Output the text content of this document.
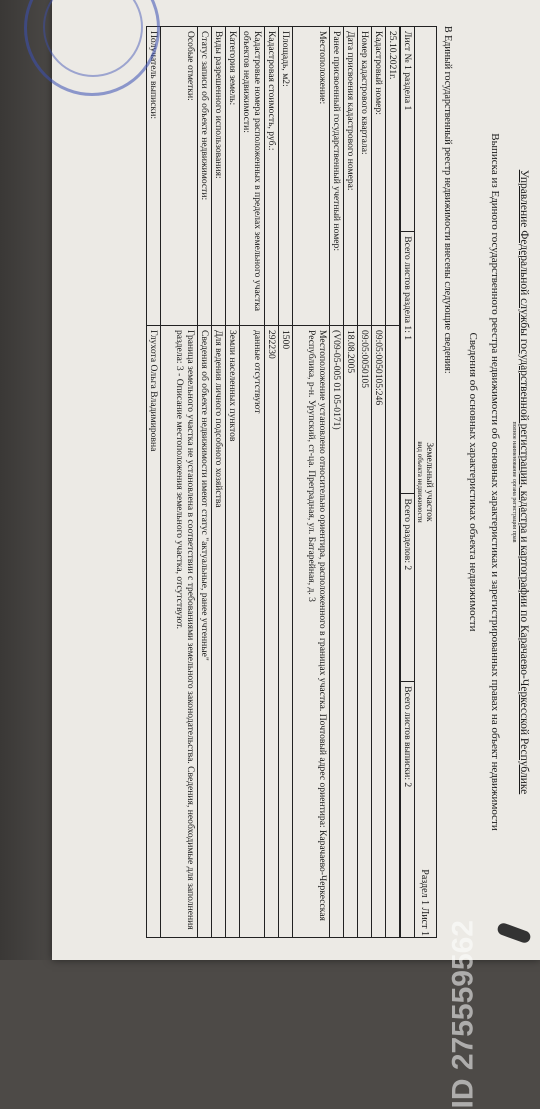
Управление Федеральной службы государственной регистрации, кадастра и картографии по Карачаево-Черкесской Республике
полное наименование органа регистрации прав
Выписка из Единого государственного реестра недвижимости об основных характеристиках и зарегистрированных правах на объект недвижимости
Сведения об основных характеристиках объекта недвижимости
Раздел 1 Лист 1
В Единый государственный реестр недвижимости внесены следующие сведения:
Земельный участок
вид объекта недвижимости

Лист № 1 раздела 1	Всего листов раздела 1: 1	Всего разделов: 2	Всего листов выписки: 2
25.10.2021г.	
Кадастровый номер:	09:05:0050105:246
Номер кадастрового квартала:	09:05:0050105
Дата присвоения кадастрового номера:	18.08.2005
Ранее присвоенный государственный учетный номер:	(V09-05-005 01 05-0171)
Местоположение:	Местоположение установлено относительно ориентира, расположенного в границах участка. Почтовый адрес ориентира: Карачаево-Черкесская Республика, р-н. Урупский, ст-ца. Преградная, ул. Батарейная, д. 3
Площадь, м2:	1500
Кадастровая стоимость, руб.:	292230
Кадастровые номера расположенных в пределах земельного участка объектов недвижимости:	данные отсутствуют
Категория земель:	Земли населенных пунктов
Виды разрешенного использования:	Для ведения личного подсобного хозяйства
Статус записи об объекте недвижимости:	Сведения об объекте недвижимости имеют статус "актуальные, ранее учтенные"
Особые отметки:	Граница земельного участка не установлена в соответствии с требованиями земельного законодательства. Сведения, необходимые для заполнения раздела: 3 - Описание местоположения земельного участка, отсутствуют.
Получатель выписки:	Глухота Ольга Владимировна
